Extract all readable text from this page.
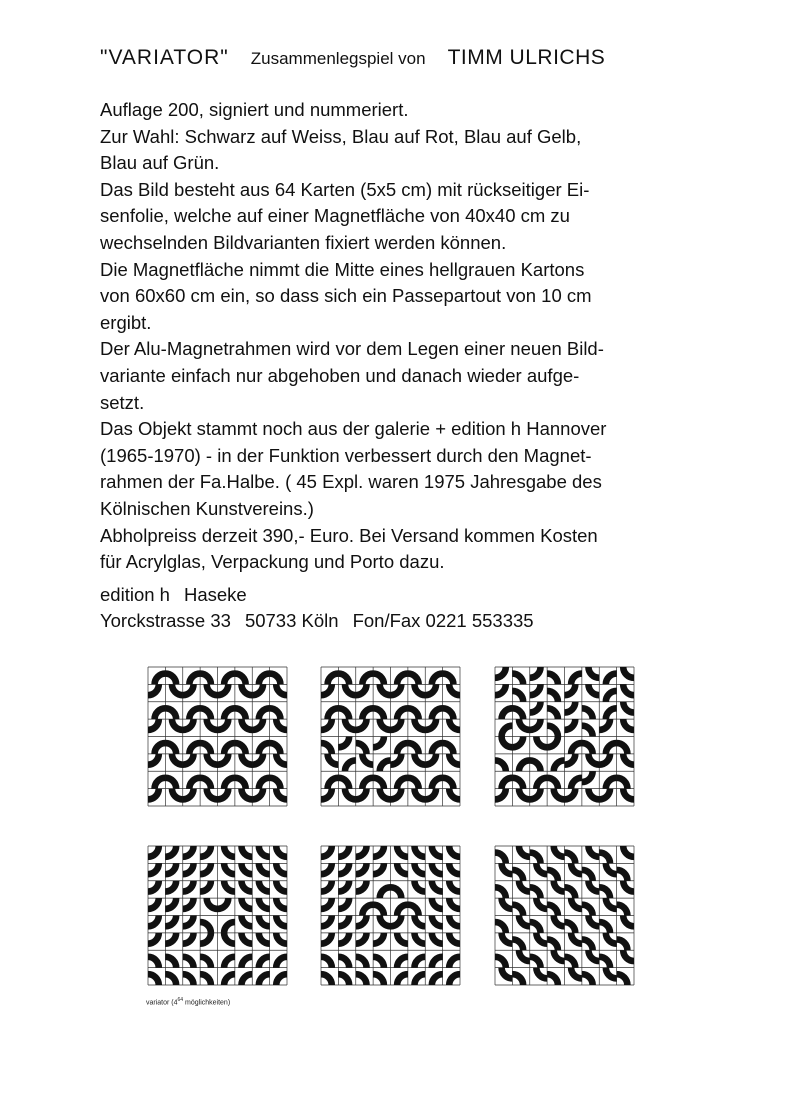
"VARIATOR" Zusammenlegspiel von TIMM ULRICHS

Auflage 200, signiert und nummeriert.

Zur Wahl: Schwarz auf Weiss, Blau auf Rot, Blau auf Gelb,

Blau auf Grün.

Das Bild besteht aus 64 Karten (5x5 cm) mit rückseitiger Ei-

senfolie, welche auf einer Magnetfläche von 40x40 cm zu

wechselnden Bildvarianten fixiert werden können.

Die Magnetfläche nimmt die Mitte eines hellgrauen Kartons

von 60x60 cm ein, so dass sich ein Passepartout von 10 cm

ergibt.

Der Alu-Magnetrahmen wird vor dem Legen einer neuen Bild-

variante einfach nur abgehoben und danach wieder aufge-

setzt.

Das Objekt stammt noch aus der galerie + edition h Hannover

(1965-1970) - in der Funktion verbessert durch den Magnet-

rahmen der Fa.Halbe. ( 45 Expl. waren 1975 Jahresgabe des

Kölnischen Kunstvereins.)

Abholpreiss derzeit 390,- Euro. Bei Versand kommen Kosten

für Acrylglas, Verpackung und Porto dazu.

edition h Haseke
Yorckstrasse 33 50733 Köln Fon/Fax 0221 553335
variator ($4^{64}$ möglichkeiten)
